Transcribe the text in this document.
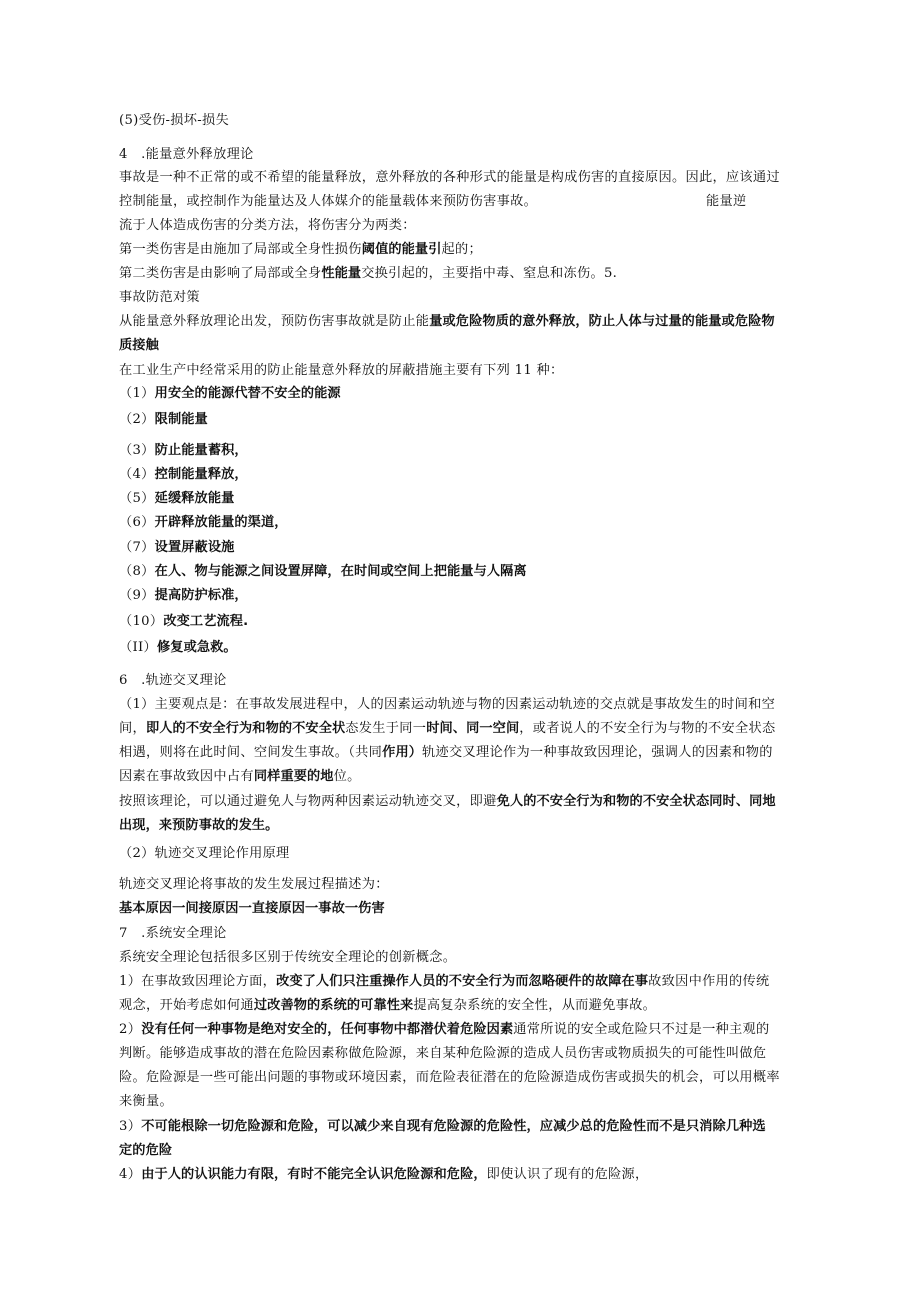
(5)受伤-损坏-损失
4　.能量意外释放理论
事故是一种不正常的或不希望的能量释放，意外释放的各种形式的能量是构成伤害的直接原因。因此，应该通过
控制能量，或控制作为能量达及人体媒介的能量载体来预防伤害事故。	能量逆
流于人体造成伤害的分类方法，将伤害分为两类：
第一类伤害是由施加了局部或全身性损伤阈值的能量引起的；
第二类伤害是由影响了局部或全身性能量交换引起的，主要指中毒、窒息和冻伤。5.
事故防范对策
从能量意外释放理论出发，预防伤害事故就是防止能量或危险物质的意外释放，防止人体与过量的能量或危险物
质接触
在工业生产中经常采用的防止能量意外释放的屏蔽措施主要有下列 11 种：
（1）用安全的能源代替不安全的能源
（2）限制能量
（3）防止能量蓄积，
（4）控制能量释放，
（5）延缓释放能量
（6）开辟释放能量的渠道，
（7）设置屏蔽设施
（8）在人、物与能源之间设置屏障，在时间或空间上把能量与人隔离
（9）提高防护标准，
（10）改变工艺流程.
（II）修复或急救。
6　.轨迹交叉理论
（1）主要观点是：在事故发展进程中，人的因素运动轨迹与物的因素运动轨迹的交点就是事故发生的时间和空
间，即人的不安全行为和物的不安全状态发生于同一时间、同一空间，或者说人的不安全行为与物的不安全状态
相遇，则将在此时间、空间发生事故。（共同作用）轨迹交叉理论作为一种事故致因理论，强调人的因素和物的
因素在事故致因中占有同样重要的地位。
按照该理论，可以通过避免人与物两种因素运动轨迹交叉，即避免人的不安全行为和物的不安全状态同时、同地
出现，来预防事故的发生。
（2）轨迹交叉理论作用原理
轨迹交叉理论将事故的发生发展过程描述为：
基本原因一间接原因一直接原因一事故一伤害
7　.系统安全理论
系统安全理论包括很多区别于传统安全理论的创新概念。
1）在事故致因理论方面，改变了人们只注重操作人员的不安全行为而忽略硬件的故障在事故致因中作用的传统
观念，开始考虑如何通过改善物的系统的可靠性来提高复杂系统的安全性，从而避免事故。
2）没有任何一种事物是绝对安全的，任何事物中都潜伏着危险因素通常所说的安全或危险只不过是一种主观的
判断。能够造成事故的潜在危险因素称做危险源，来自某种危险源的造成人员伤害或物质损失的可能性叫做危
险。危险源是一些可能出问题的事物或环境因素，而危险表征潜在的危险源造成伤害或损失的机会，可以用概率
来衡量。
3）不可能根除一切危险源和危险，可以减少来自现有危险源的危险性，应减少总的危险性而不是只消除几种选
定的危险
4）由于人的认识能力有限，有时不能完全认识危险源和危险，即使认识了现有的危险源，
